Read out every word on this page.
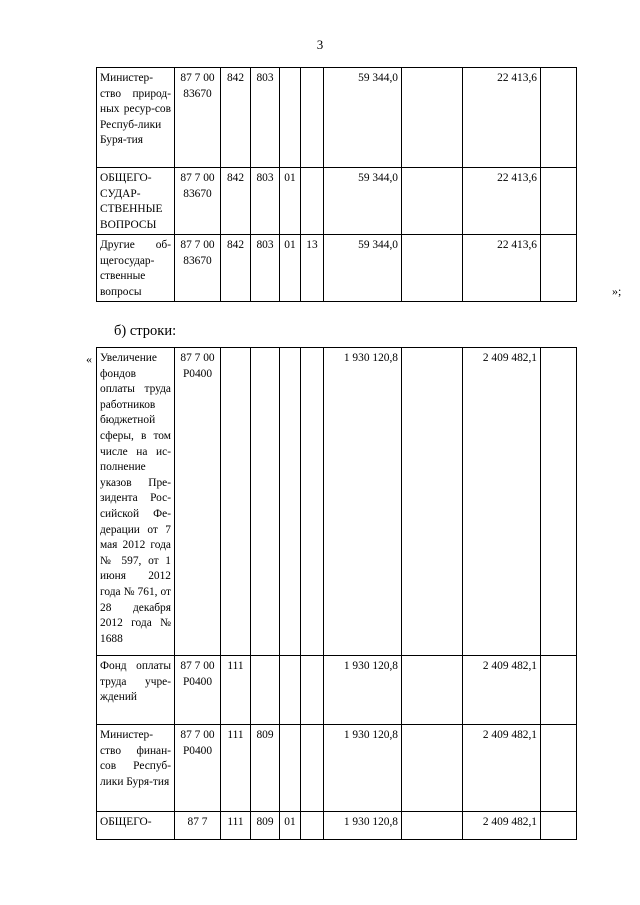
3
Министер-ство природ-ных ресур-сов Респуб-лики Буря-тия	87 7 00 83670	842	803			59 344,0		22 413,6	
ОБЩЕГО-СУДАР-СТВЕННЫЕ ВОПРОСЫ	87 7 00 83670	842	803	01		59 344,0		22 413,6	
Другие об-щегосудар-ственные вопросы	87 7 00 83670	842	803	01	13	59 344,0		22 413,6	
»;
б) строки:
« Увеличение фондов оплаты труда работников бюджетной сферы, в том числе на ис-полнение указов Пре-зидента Рос-сийской Фе-дерации от 7 мая 2012 года № 597, от 1 июня 2012 года № 761, от 28 декабря 2012 года № 1688	87 7 00 Р0400					1 930 120,8		2 409 482,1	
Фонд оплаты труда учре-ждений	87 7 00 Р0400	111				1 930 120,8		2 409 482,1	
Министер-ство финан-сов Респуб-лики Буря-тия	87 7 00 Р0400	111	809			1 930 120,8		2 409 482,1	
ОБЩЕГО-	87 7	111	809	01		1 930 120,8		2 409 482,1	
